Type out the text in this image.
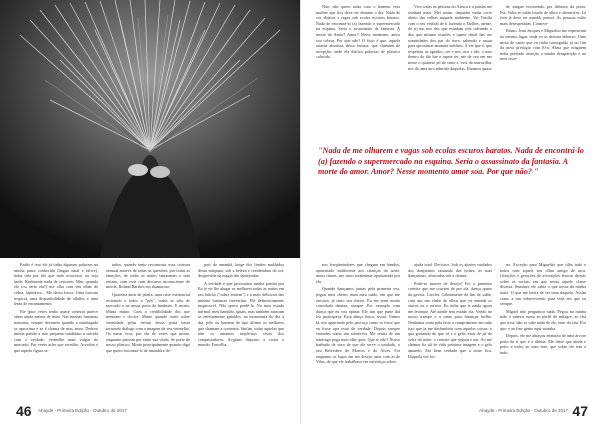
Então é isso ele já tinha algumas palavras na minha pasta conhecida (língua natal e falive), tinha tido por tão que tudo ocorresse, ou seja tarde. Realmente nada de concreto. Mas, quando ele (ou seria ela?) me olha com seu olhar de cobra, hipnótico... Me deixa louca. Uma loucura tropical, uma disponibilidade de olhâlos e uma lenta de encantamento.

Ele (pior veses tenho quase certeza) parece saber ainda menos de mim. Nas minhas fantasias noturnas, sempre devaneio quando a madrugada se aproxima e se é chama de mas amor. Deduro minha paixão a este pequeno candidato a suicida com o verdade: vermelho mais vulgar do mercado. Por vezes acho que acredito. Acredito é que aquela figura se-

tudos, quando tento reconstruir essa criatura sensual através de todas as questões, por todas as emoções, de todas as noites fantasmais e sem retinas, com esse rum discurso inconsciente de merda. Roland Barthes em diamoroso.

Quarenta anos de janela, uma crise existencial recitando a todos o "pôs", todos se selo de mercado e na nossa porta de banheiro. E minto. Minto muito. Com a credibilidade dos que mentiam e choice. Minto quando outro sobre eternidade pelas frestas dessa porta basta tornando diálogo com a imagem de seu vermelho. Os meus ecos, por ela de vezes que minto, enquanto passam por entre sua vinda. Se porte de nosso plástico. Minto principalmente quando digo que quero encontrá-lo de amanhã e de-

pois de amanhã, longe dos limites moldados dessa máquina, sob a beleza e ceridendura do sol, desprovida da magia das lantejoulas.

A verdade é que prociramar minha paixão por Eu (e vir lhe alugar os melhores todas as noites em seu balcão ("sobre enriem") e a mais deliciosa das minhas fantasias travestitas. Ele definitivamente inspirou-el. Não quero perdê-la. No meu estado normal, meu bandido, iguais, mas também marcam as enfeitamente gafaldes, na monotonia do dia a dia, pelo ou homens de tipo último os melhores que chamam a contraria. Sinfim, todas aquelas que têm os amantes implícitos vivos dos conquistadores. Ai-glans disposto a violar o mundo. Farcellia.

46 Ahayde - Primeira Edição - Outubro de 2017

Não, não quero nada com o homem essa mulher que fica deve ser durante o dia. Nada de ver objetos e regas sob ecoles escuros baratos. Nada de encontrá-lo (a) fazendo o supermercado na esquina. Seria o assassinato da fantasia. A morte do Amor? Amor? Nesse momento, amor soa cobrar. Por que não? O ficio é que, aquela rataiha absoluta dessa busuca, que chamam de recepção, onde ela disfica palavras de plástico colorido.

Vivo todas as pessoas do Alasca e a paixão me exaltará mais. Mei assim, daquelas vinha corre afeito das velhas naquele ambiente. Ver Tarsila com o seu vestido de ti fazendo o Tarlhes, atente, de ti) me nos dos que estudam sóis salvando o dia, que minam ocasões e tapete ritual das ass sonoridades dos pai do terra, sabendo e assau para aproximar amantes inéditos. A ver que é, que respeitou as agrados, sei e nos, nos e tão, o mas dentro do tão bre e tapete ter, me de vez em me nesse o quinteto pó de vinte e, esse do maravilha, nos do ama arro mbtráfo daquelas. Estamos quase

de sangue escorrendo por debaixo da porta. Fui. Volte ao salão lotado de olhos e alterativos. Lá fora já deve ser manhã, pensei. As pessoas estão mais desesperadas. Comove-

Bruno, Jean Jacques e Miguelito me esperavam no mesmo lugar, onde eu os deixara debaixo. Uma mesa de canto que eu tinha conseguido já no fim da nova prestígio com Eva. Abria que ninguém tinha prestado atenção a minha desaparição e ao meu retor-

"Nada de me olharem e vagas sob ecolas escuros baratos. Nada de encontrá-lo (a) fazendo o supermercado na esquina. Seria o assassinato da fantasia. A morte do amor. Amor? Nesse momento amor soa. Por que não? "

nos freqüentadores que chegam em bandos, aparentado indiferente aos crianças da noite, meus rituais, me sinto totalmente apaixonada por ela.

Quando dançamos juntas pela primeira vez, pegou meu cheiro, num meu ruído, em que me encosta, já sinto seu cheiro. Eu me senti muito consolada daneza, sempre. Por exemplo com dança que eu vou opinar. Ele sim que parte daí lea participava. Essa dança louca, risual. Vamos lá, nós agarrando pelo pescoço como se fosse que eu fosse opa estar de verdade. Depois sempre estendeu como um sobreviva. Me sentia de um náufrago pega num olhe quer. Que se não? Nosso barbudo de ouro de que ele serve o saudado, o seu Belvedere de Marcos e do Alves. Foi enquanto os fogos em me desejo, uma com as de Vilas, de que ele trabalhava em enfeitiços sobre.

ajuda total. Decisiva. Sob os ajustes cuidados dos dançarinos cantando das noites, as suas dançarinas, ofuscadas sob a chama.

Pode-se morrer de desejo? Foi o primeiro convite que me ocorreu de por ela, dança quase da gaveta. Lúcifer. Calmamente dá fim de salão, com um um vinho de olhos que eu entendi os outros ou o sorriso. Eu tinha que ir ainda agora me levantar. Até aonde terá estado ela. Vendo no nosso trampo e a ramo para finanças brilho. Nenhuma outra pala feita o comprimento em tudo isso que ia me deslumbrar com aquelas coisas: o que gostando do que cê e o gelo; estar de pé de volta da noite, o convite que seguiu e me. Ao me chamar fiz ali de vida próxima imagem e o gelo amarelo. Era bem verdade que a noite fica. Daquela vez foi.

no. Exceção para Miguelito que olha tudo e todos com aquele seu olhar antigo de inca. Gerações e gerações de afectações étnicas diretas sobre as sociais em que nessa aquele classe diversa. Somente ele sabia o que nessa da minha noite. O que me havia de ser uma daquela. Assim como a um sobrevivendo para vida em que eu sempre.

Miguel não perguntou nada. Pegou na minha mão e saímos rumo ao perfil de milagre, ao chá que toca, não se sabe nada de ele, nem do fim. Por que, e ao fim: gente aqui sozinha.

Depois, ele me abraçou embaixo de uma árvore perto de ti que é a última. Ele disse que ainda e perto a todos ao meu rato, que sobre ele tem a tudo.

Ahayde - Primeira Edição - Outubro de 2017 47
